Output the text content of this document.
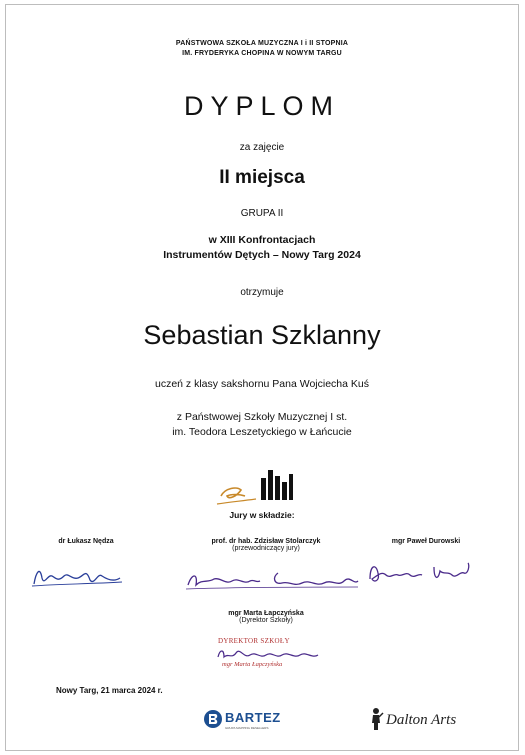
PAŃSTWOWA SZKOŁA MUZYCZNA I i II STOPNIA
IM. FRYDERYKA CHOPINA W NOWYM TARGU
DYPLOM
za zajęcie
II miejsca
GRUPA II
w XIII Konfrontacjach
Instrumentów Dętych – Nowy Targ 2024
otrzymuje
Sebastian Szklanny
uczeń z klasy sakshornu Pana Wojciecha Kuś
z Państwowej Szkoły Muzycznej I st.
im. Teodora Leszetyckiego w Łańcucie
Jury w składzie:
dr Łukasz Nędza	prof. dr hab. Zdzisław Stolarczyk
(przewodniczący jury)
mgr Paweł Durowski
mgr Marta Łapczyńska
(Dyrektor Szkoły)
DYREKTOR SZKOŁY
mgr Marta Łapczyńska
Nowy Targ, 21 marca 2024 r.
BARTEZ
GRUPA MAPPING RESELLERS	Dalton Arts
